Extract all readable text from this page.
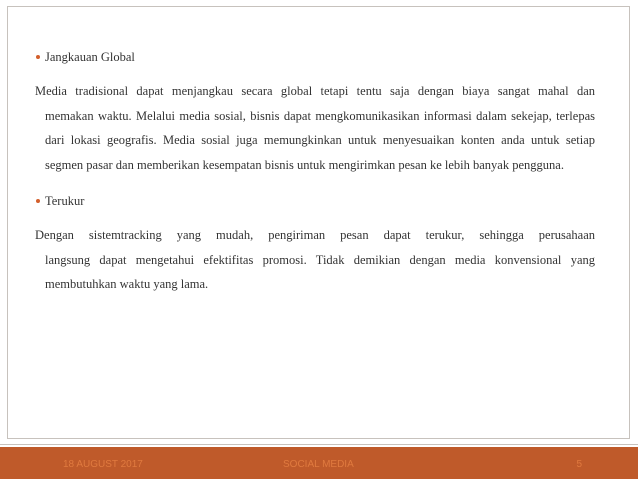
Jangkauan Global
Media tradisional dapat menjangkau secara global tetapi tentu saja dengan biaya sangat mahal dan
memakan waktu. Melalui media sosial, bisnis dapat mengkomunikasikan informasi dalam sekejap, terlepas dari lokasi geografis. Media sosial juga memungkinkan untuk menyesuaikan konten anda untuk setiap segmen pasar dan memberikan kesempatan bisnis untuk mengirimkan pesan ke lebih banyak pengguna.
Terukur
Dengan sistemtracking yang mudah, pengiriman pesan dapat terukur, sehingga perusahaan
langsung dapat mengetahui efektifitas promosi. Tidak demikian dengan media konvensional yang membutuhkan waktu yang lama.
18 AUGUST 2017	SOCIAL MEDIA	5
